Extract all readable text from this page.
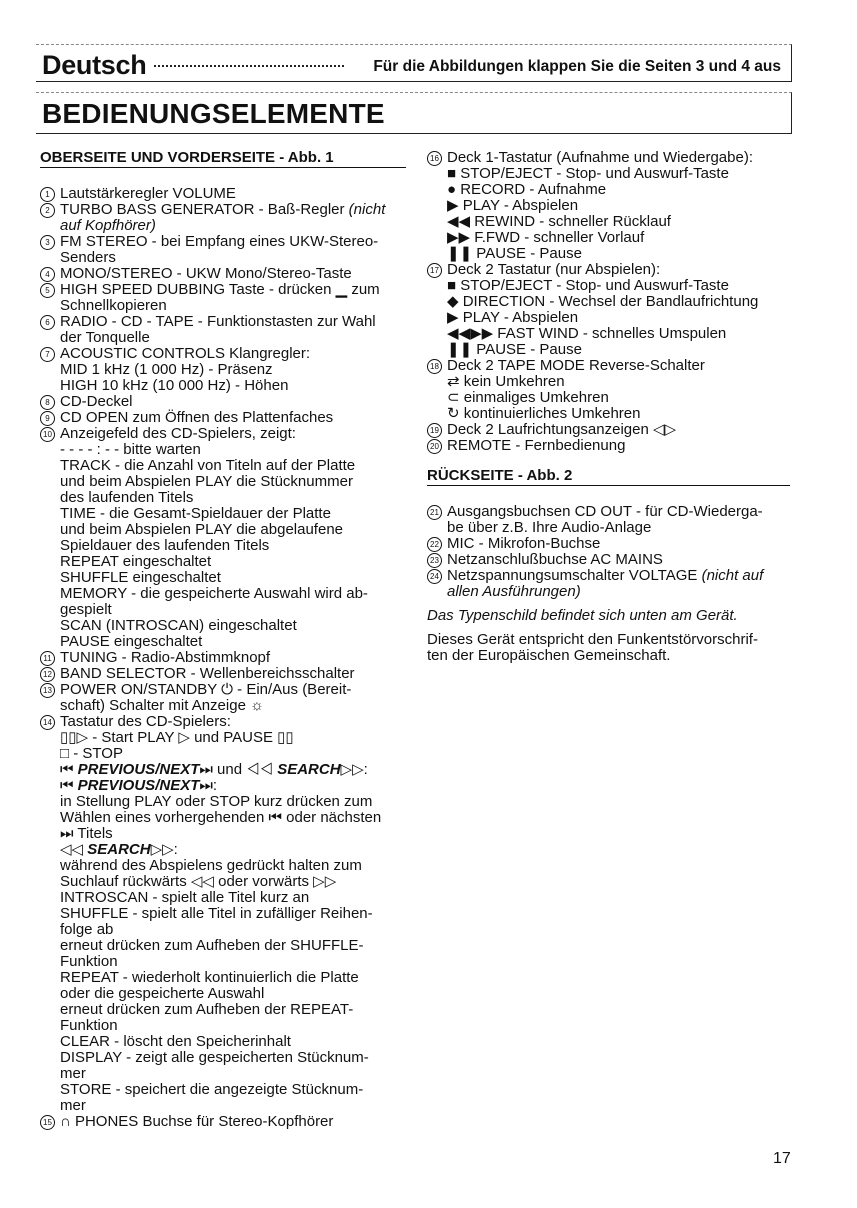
Deutsch	Für die Abbildungen klappen Sie die Seiten 3 und 4 aus
BEDIENUNGSELEMENTE
OBERSEITE UND VORDERSEITE - Abb. 1
1 Lautstärkeregler VOLUME
2 TURBO BASS GENERATOR - Baß-Regler (nicht
auf Kopfhörer)
3 FM STEREO - bei Empfang eines UKW-Stereo-
Senders
4 MONO/STEREO - UKW Mono/Stereo-Taste
5 HIGH SPEED DUBBING Taste - drücken ▁ zum
Schnellkopieren
6 RADIO - CD - TAPE - Funktionstasten zur Wahl
der Tonquelle
7 ACOUSTIC CONTROLS Klangregler:
MID 1 kHz (1 000 Hz) - Präsenz
HIGH 10 kHz (10 000 Hz) - Höhen
8 CD-Deckel
9 CD OPEN zum Öffnen des Plattenfaches
10 Anzeigefeld des CD-Spielers, zeigt:
- - - - : - - bitte warten
TRACK - die Anzahl von Titeln auf der Platte
und beim Abspielen PLAY die Stücknummer
des laufenden Titels
TIME - die Gesamt-Spieldauer der Platte
und beim Abspielen PLAY die abgelaufene
Spieldauer des laufenden Titels
REPEAT eingeschaltet
SHUFFLE eingeschaltet
MEMORY - die gespeicherte Auswahl wird ab-
gespielt
SCAN (INTROSCAN) eingeschaltet
PAUSE eingeschaltet
11 TUNING - Radio-Abstimmknopf
12 BAND SELECTOR - Wellenbereichsschalter
13 POWER ON/STANDBY ⏻ - Ein/Aus (Bereit-
schaft) Schalter mit Anzeige ☼
14 Tastatur des CD-Spielers:
▯▯▷ - Start PLAY ▷ und PAUSE ▯▯
□ - STOP
⏮ PREVIOUS/NEXT⏭ und ◁◁ SEARCH▷▷:
⏮ PREVIOUS/NEXT⏭:
in Stellung PLAY oder STOP kurz drücken zum
Wählen eines vorhergehenden ⏮ oder nächsten
⏭ Titels
◁◁ SEARCH▷▷:
während des Abspielens gedrückt halten zum
Suchlauf rückwärts ◁◁ oder vorwärts ▷▷
INTROSCAN - spielt alle Titel kurz an
SHUFFLE - spielt alle Titel in zufälliger Reihen-
folge ab
erneut drücken zum Aufheben der SHUFFLE-
Funktion
REPEAT - wiederholt kontinuierlich die Platte
oder die gespeicherte Auswahl
erneut drücken zum Aufheben der REPEAT-
Funktion
CLEAR - löscht den Speicherinhalt
DISPLAY - zeigt alle gespeicherten Stücknum-
mer
STORE - speichert die angezeigte Stücknum-
mer
15 ∩ PHONES Buchse für Stereo-Kopfhörer
16 Deck 1-Tastatur (Aufnahme und Wiedergabe):
■ STOP/EJECT - Stop- und Auswurf-Taste
● RECORD - Aufnahme
▶ PLAY - Abspielen
◀◀ REWIND - schneller Rücklauf
▶▶ F.FWD - schneller Vorlauf
❚❚ PAUSE - Pause
17 Deck 2 Tastatur (nur Abspielen):
■ STOP/EJECT - Stop- und Auswurf-Taste
◆ DIRECTION - Wechsel der Bandlaufrichtung
▶ PLAY - Abspielen
◀◀▶▶ FAST WIND - schnelles Umspulen
❚❚ PAUSE - Pause
18 Deck 2 TAPE MODE Reverse-Schalter
⇄ kein Umkehren
⊂ einmaliges Umkehren
↻ kontinuierliches Umkehren
19 Deck 2 Laufrichtungsanzeigen ◁▷
20 REMOTE - Fernbedienung
RÜCKSEITE - Abb. 2
21 Ausgangsbuchsen CD OUT - für CD-Wiederga-
be über z.B. Ihre Audio-Anlage
22 MIC - Mikrofon-Buchse
23 Netzanschlußbuchse AC MAINS
24 Netzspannungsumschalter VOLTAGE (nicht auf
allen Ausführungen)
Das Typenschild befindet sich unten am Gerät.
Dieses Gerät entspricht den Funkentstörvorschrif-
ten der Europäischen Gemeinschaft.
17
